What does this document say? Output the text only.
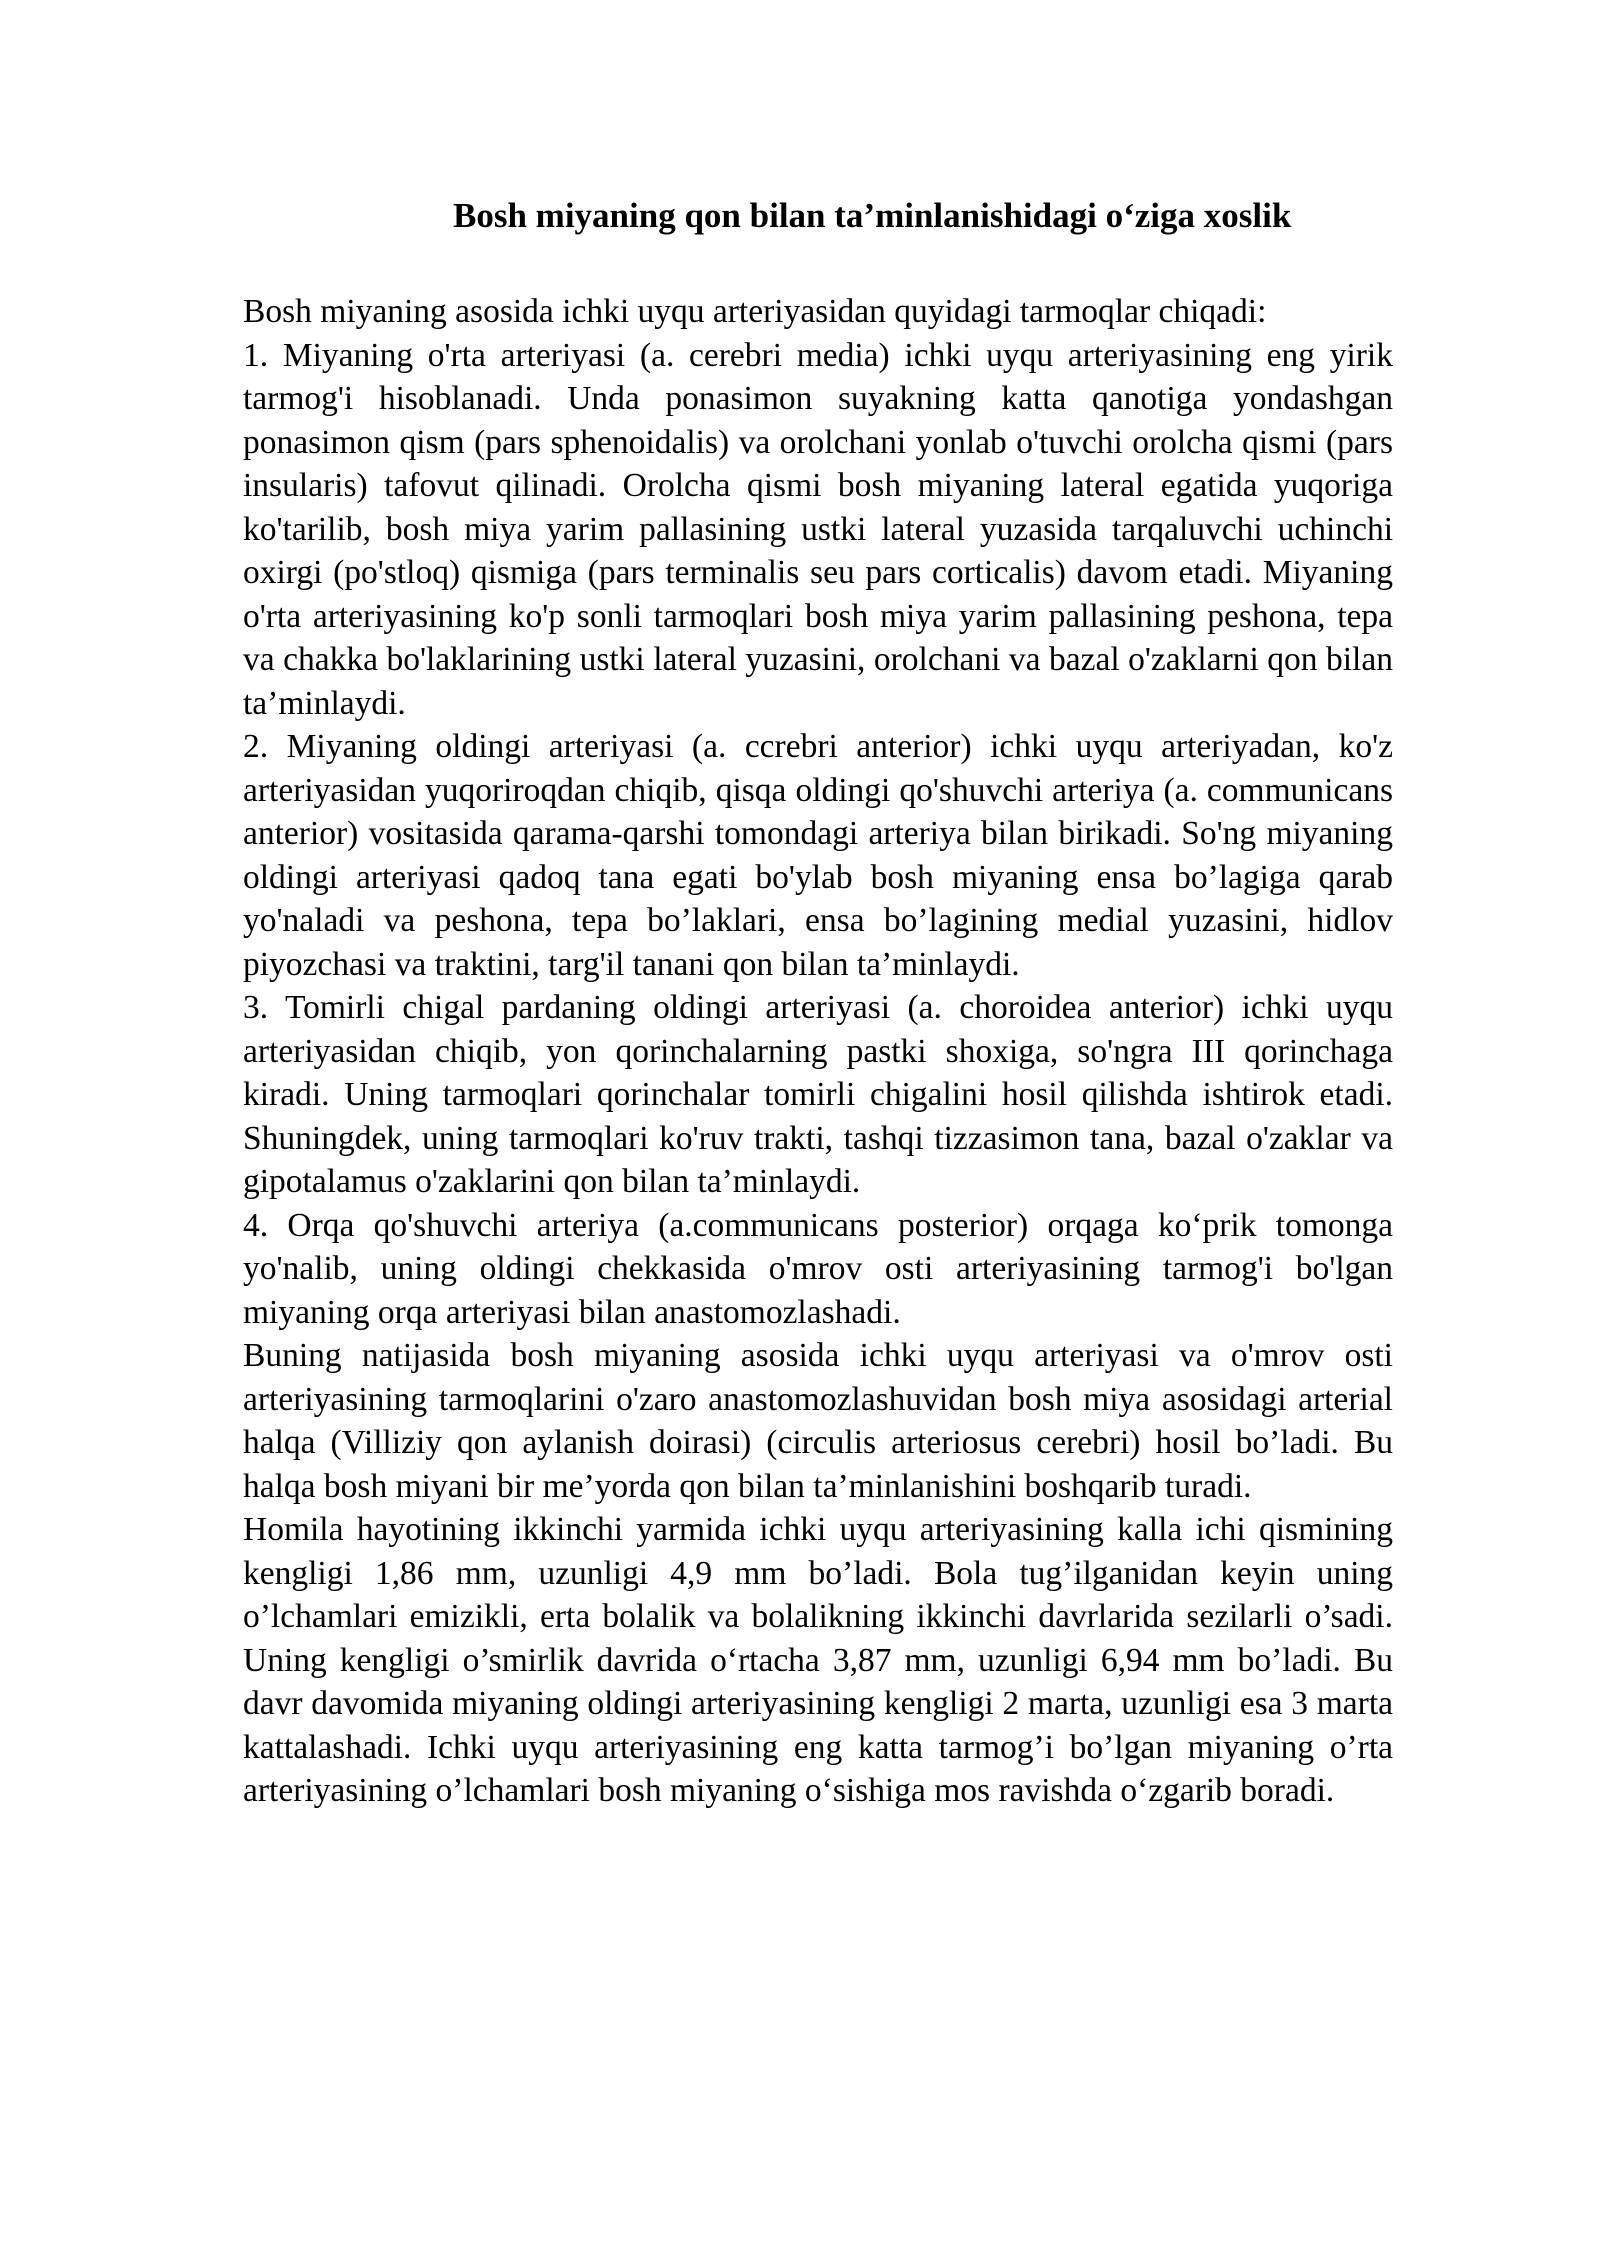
Bosh miyaning qon bilan ta’minlanishidagi o‘ziga xoslik

Bosh miyaning asosida ichki uyqu arteriyasidan quyidagi tarmoqlar chiqadi:

1. Miyaning o'rta arteriyasi (a. cerebri media) ichki uyqu arteriyasining eng yirik tarmog'i hisoblanadi. Unda ponasimon suyakning katta qanotiga yondashgan ponasimon qism (pars sphenoidalis) va orolchani yonlab o'tuvchi orolcha qismi (pars insularis) tafovut qilinadi. Orolcha qismi bosh miyaning lateral egatida yuqoriga ko'tarilib, bosh miya yarim pallasining ustki lateral yuzasida tarqaluvchi uchinchi oxirgi (po'stloq) qismiga (pars terminalis seu pars corticalis) davom etadi. Miyaning o'rta arteriyasining ko'p sonli tarmoqlari bosh miya yarim pallasining peshona, tepa va chakka bo'laklarining ustki lateral yuzasini, orolchani va bazal o'zaklarni qon bilan ta’minlaydi.

2. Miyaning oldingi arteriyasi (a. ccrebri anterior) ichki uyqu arteriyadan, ko'z arteriyasidan yuqoriroqdan chiqib, qisqa oldingi qo'shuvchi arteriya (a. communicans anterior) vositasida qarama-qarshi tomondagi arteriya bilan birikadi. So'ng miyaning oldingi arteriyasi qadoq tana egati bo'ylab bosh miyaning ensa bo’lagiga qarab yo'naladi va peshona, tepa bo’laklari, ensa bo’lagining medial yuzasini, hidlov piyozchasi va traktini, targ'il tanani qon bilan ta’minlaydi.

3. Tomirli chigal pardaning oldingi arteriyasi (a. choroidea anterior) ichki uyqu arteriyasidan chiqib, yon qorinchalarning pastki shoxiga, so'ngra III qorinchaga kiradi. Uning tarmoqlari qorinchalar tomirli chigalini hosil qilishda ishtirok etadi. Shuningdek, uning tarmoqlari ko'ruv trakti, tashqi tizzasimon tana, bazal o'zaklar va gipotalamus o'zaklarini qon bilan ta’minlaydi.

4. Orqa qo'shuvchi arteriya (a.communicans posterior) orqaga ko‘prik tomonga yo'nalib, uning oldingi chekkasida o'mrov osti arteriyasining tarmog'i bo'lgan miyaning orqa arteriyasi bilan anastomozlashadi.

Buning natijasida bosh miyaning asosida ichki uyqu arteriyasi va o'mrov osti arteriyasining tarmoqlarini o'zaro anastomozlashuvidan bosh miya asosidagi arterial halqa (Villiziy qon aylanish doirasi) (circulis arteriosus cerebri) hosil bo’ladi. Bu halqa bosh miyani bir me’yorda qon bilan ta’minlanishini boshqarib turadi.

Homila hayotining ikkinchi yarmida ichki uyqu arteriyasining kalla ichi qismining kengligi 1,86 mm, uzunligi 4,9 mm bo’ladi. Bola tug’ilganidan keyin uning o’lchamlari emizikli, erta bolalik va bolalikning ikkinchi davrlarida sezilarli o’sadi. Uning kengligi o’smirlik davrida o‘rtacha 3,87 mm, uzunligi 6,94 mm bo’ladi. Bu davr davomida miyaning oldingi arteriyasining kengligi 2 marta, uzunligi esa 3 marta kattalashadi. Ichki uyqu arteriyasining eng katta tarmog’i bo’lgan miyaning o’rta arteriyasining o’lchamlari bosh miyaning o‘sishiga mos ravishda o‘zgarib boradi.
